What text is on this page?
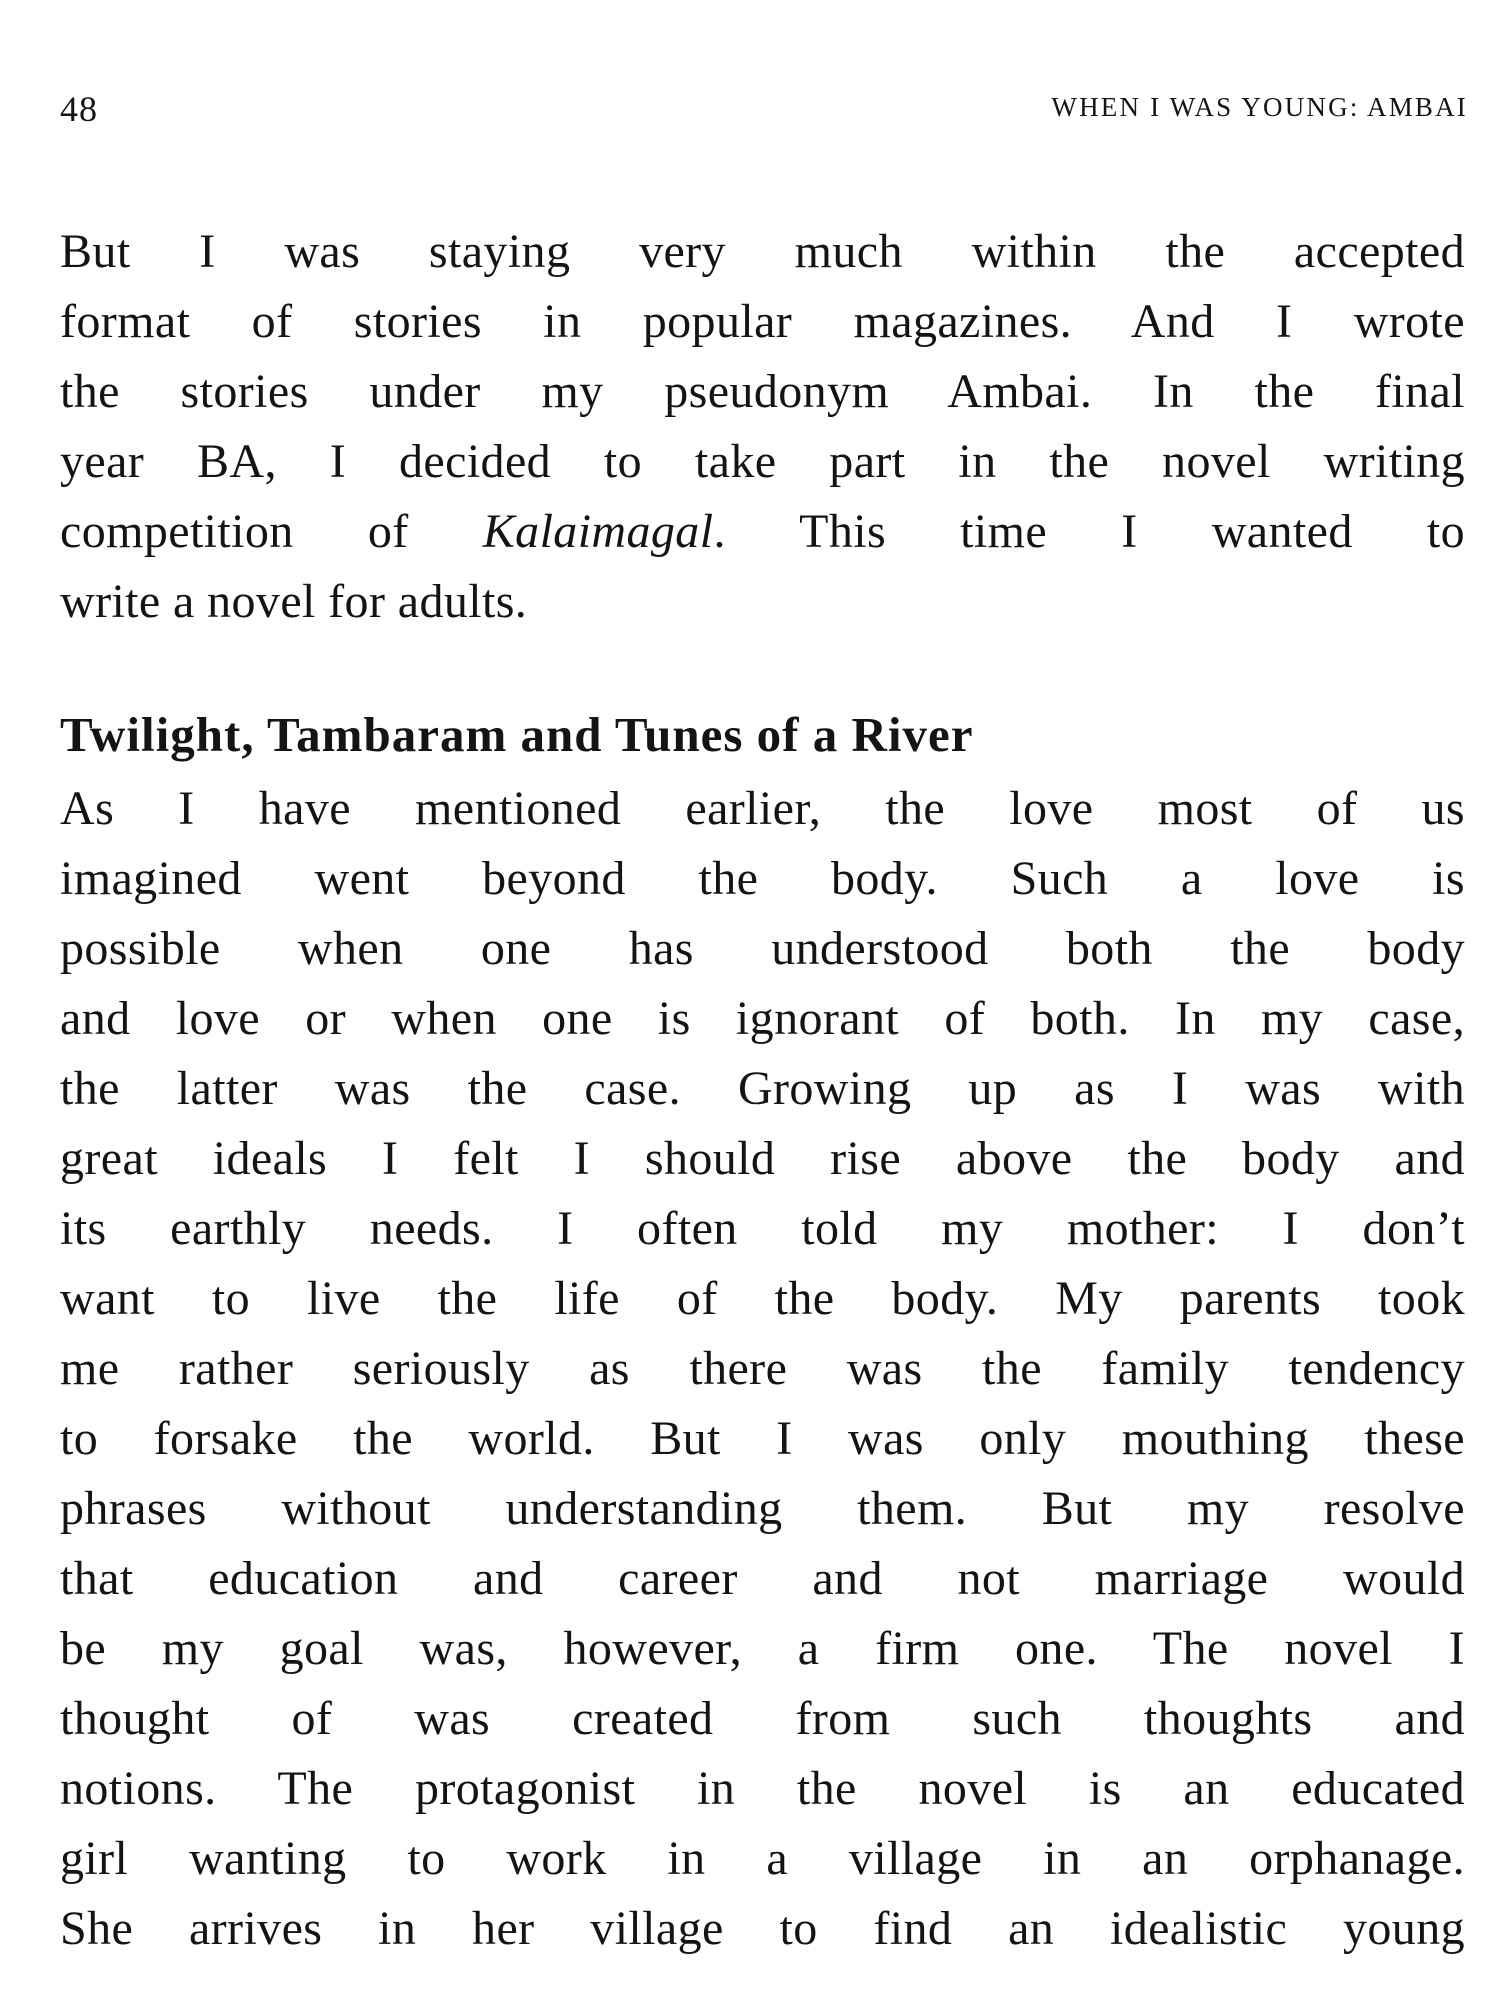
48	WHEN I WAS YOUNG: AMBAI
But I was staying very much within the accepted
format of stories in popular magazines. And I wrote
the stories under my pseudonym Ambai. In the final
year BA, I decided to take part in the novel writing
competition of Kalaimagal. This time I wanted to
write a novel for adults.
Twilight, Tambaram and Tunes of a River
As I have mentioned earlier, the love most of us
imagined went beyond the body. Such a love is
possible when one has understood both the body
and love or when one is ignorant of both. In my case,
the latter was the case. Growing up as I was with
great ideals I felt I should rise above the body and
its earthly needs. I often told my mother: I don’t
want to live the life of the body. My parents took
me rather seriously as there was the family tendency
to forsake the world. But I was only mouthing these
phrases without understanding them. But my resolve
that education and career and not marriage would
be my goal was, however, a firm one. The novel I
thought of was created from such thoughts and
notions. The protagonist in the novel is an educated
girl wanting to work in a village in an orphanage.
She arrives in her village to find an idealistic young
